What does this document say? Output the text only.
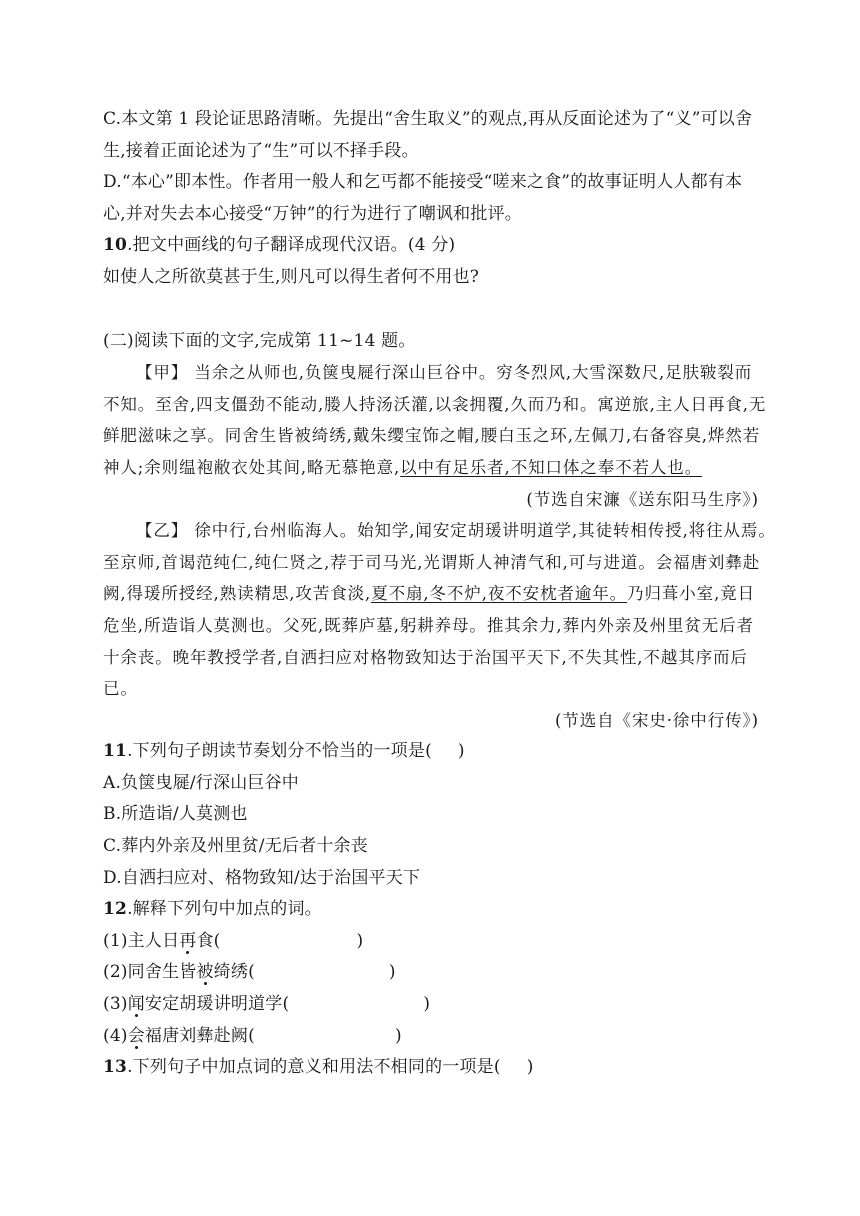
C.本文第 1 段论证思路清晰。先提出“舍生取义”的观点,再从反面论述为了“义”可以舍
生,接着正面论述为了“生”可以不择手段。
D.“本心”即本性。作者用一般人和乞丐都不能接受“嗟来之食”的故事证明人人都有本
心,并对失去本心接受“万钟”的行为进行了嘲讽和批评。
10.把文中画线的句子翻译成现代汉语。(4 分)
如使人之所欲莫甚于生,则凡可以得生者何不用也?
(二)阅读下面的文字,完成第 11~14 题。
【甲】 当余之从师也,负箧曳屣行深山巨谷中。穷冬烈风,大雪深数尺,足肤皲裂而
不知。至舍,四支僵劲不能动,媵人持汤沃灌,以衾拥覆,久而乃和。寓逆旅,主人日再食,无
鲜肥滋味之享。同舍生皆被绮绣,戴朱缨宝饰之帽,腰白玉之环,左佩刀,右备容臭,烨然若
神人;余则缊袍敝衣处其间,略无慕艳意,以中有足乐者,不知口体之奉不若人也。
(节选自宋濂《送东阳马生序》)
【乙】 徐中行,台州临海人。始知学,闻安定胡瑗讲明道学,其徒转相传授,将往从焉。
至京师,首谒范纯仁,纯仁贤之,荐于司马光,光谓斯人神清气和,可与进道。会福唐刘彝赴
阙,得瑗所授经,熟读精思,攻苦食淡,夏不扇,冬不炉,夜不安枕者逾年。乃归葺小室,竟日
危坐,所造诣人莫测也。父死,既葬庐墓,躬耕养母。推其余力,葬内外亲及州里贫无后者
十余丧。晚年教授学者,自洒扫应对格物致知达于治国平天下,不失其性,不越其序而后
已。
(节选自《宋史·徐中行传》)
11.下列句子朗读节奏划分不恰当的一项是( )
A.负箧曳屣/行深山巨谷中
B.所造诣/人莫测也
C.葬内外亲及州里贫/无后者十余丧
D.自洒扫应对、格物致知/达于治国平天下
12.解释下列句中加点的词。
(1)主人日再食(	)
(2)同舍生皆被绮绣(	)
(3)闻安定胡瑗讲明道学(	)
(4)会福唐刘彝赴阙(	)
13.下列句子中加点词的意义和用法不相同的一项是( )
